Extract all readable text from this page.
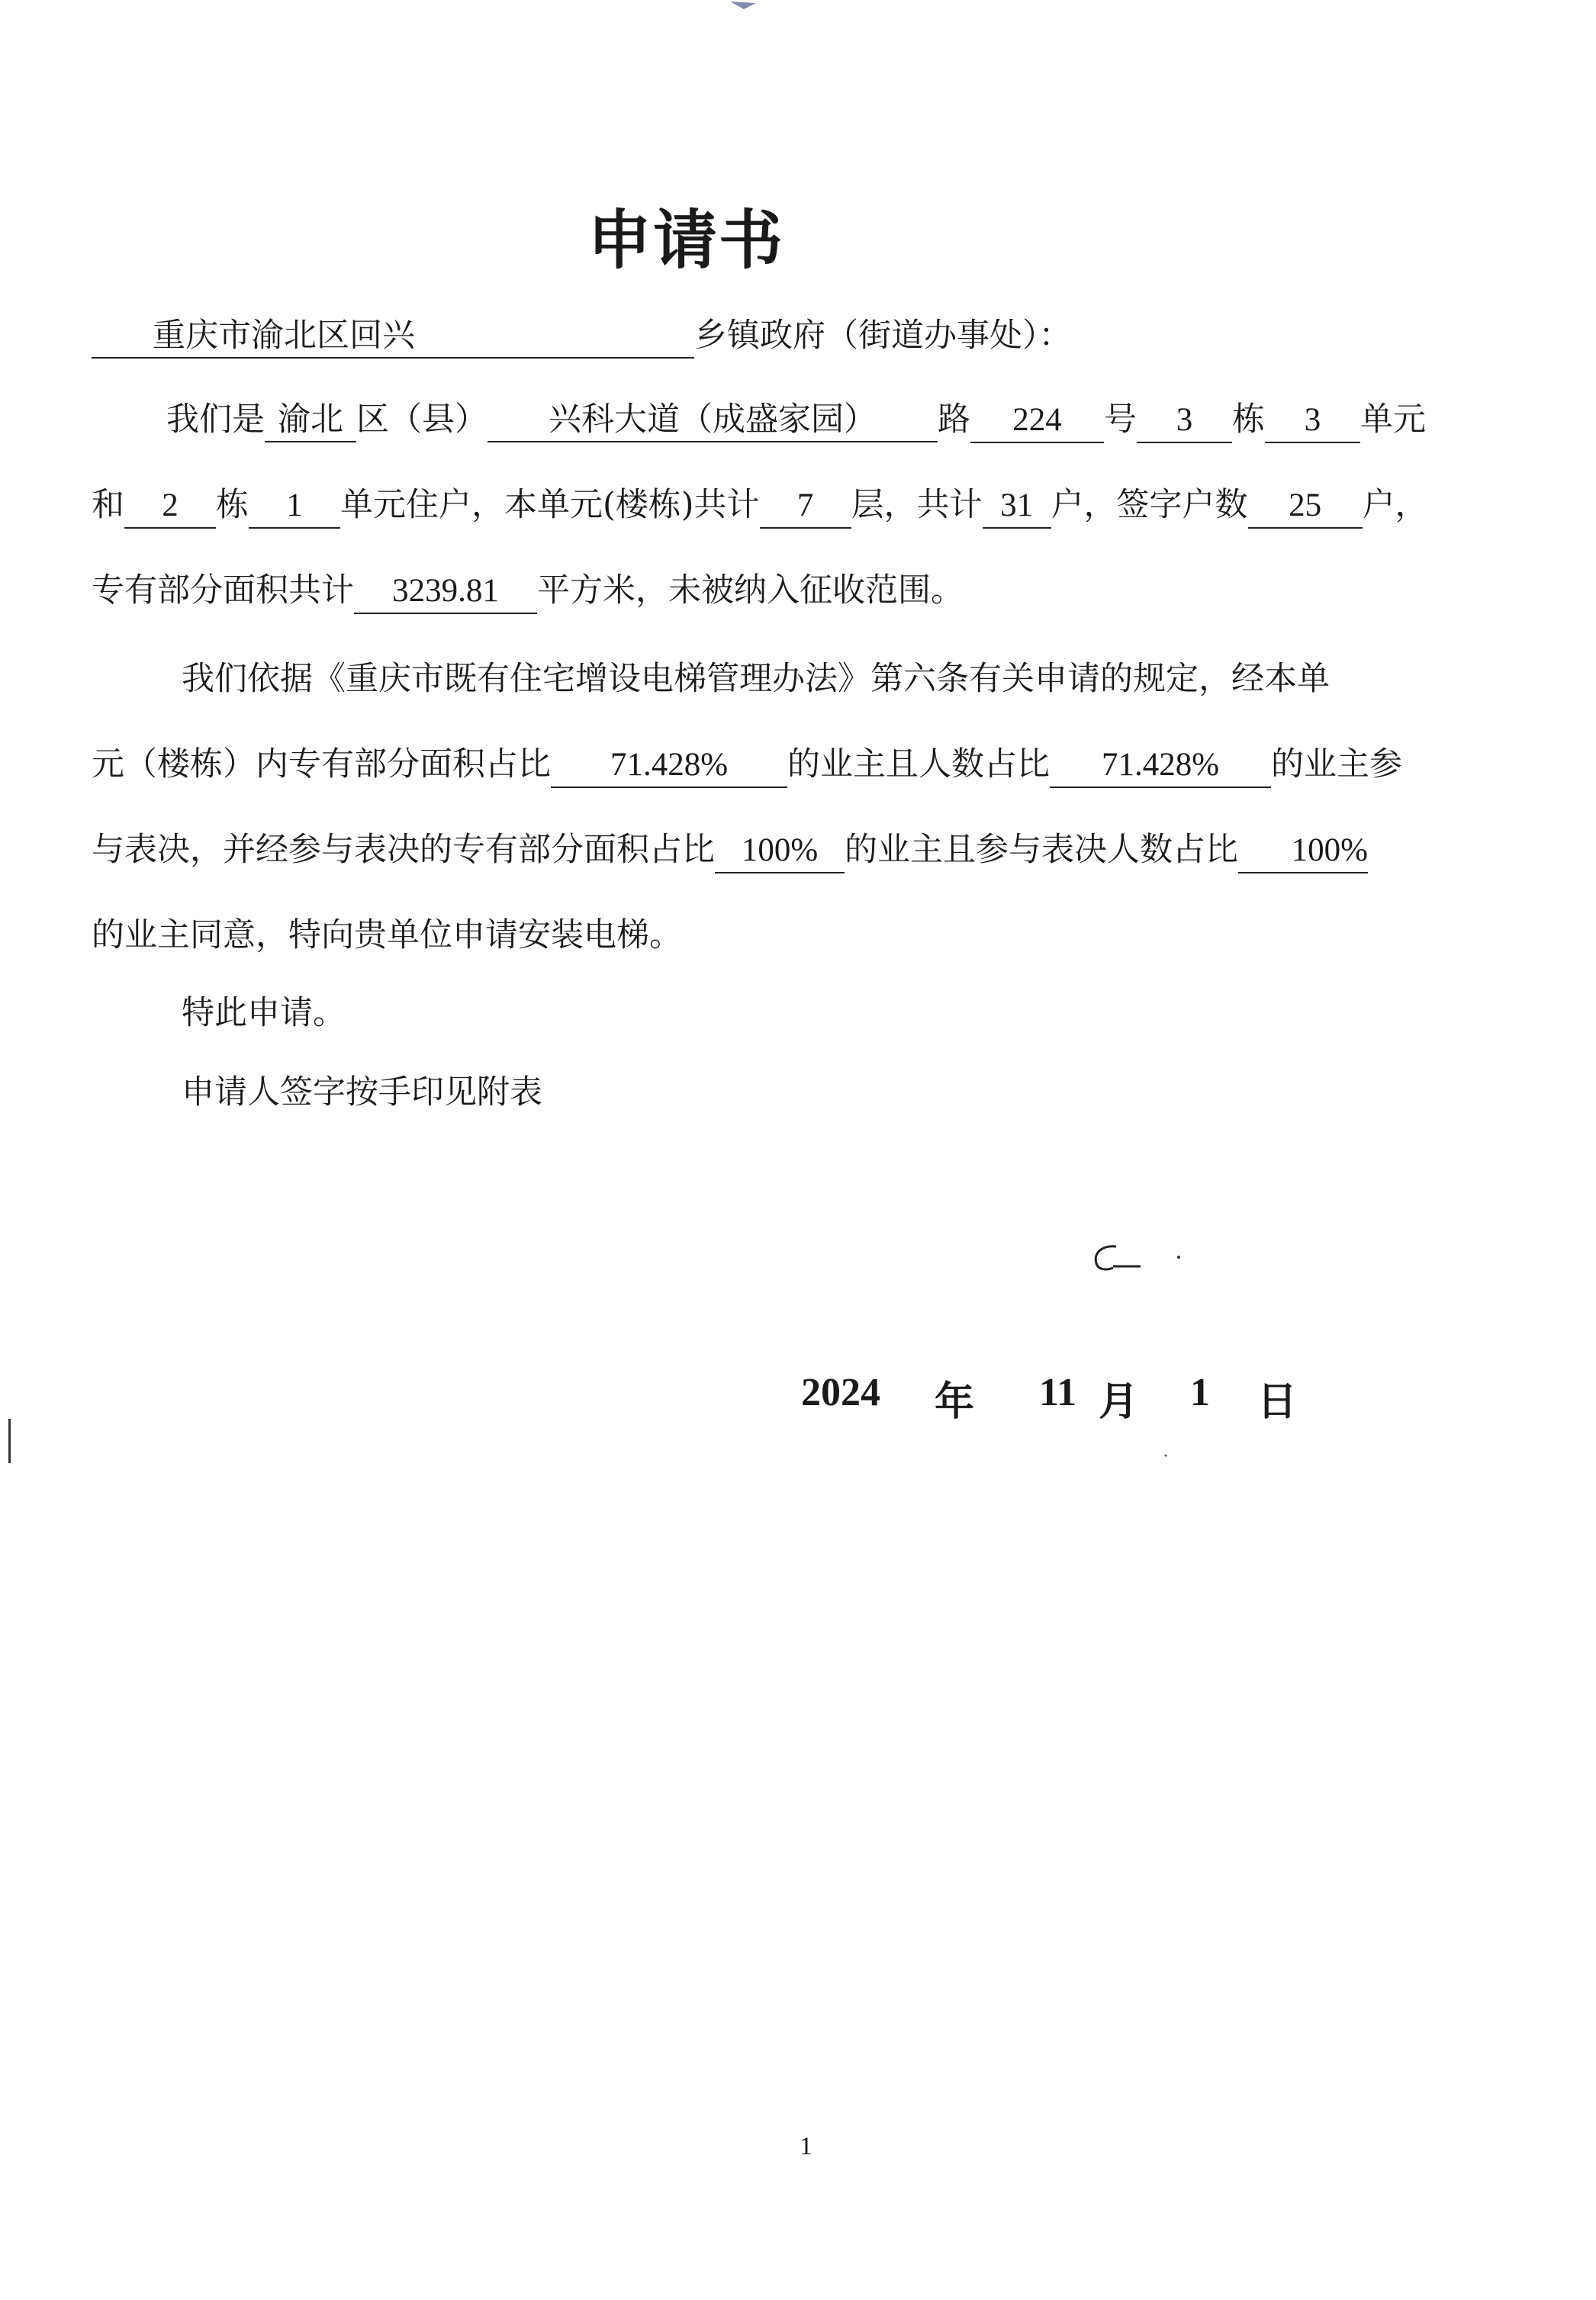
申请书
重庆市渝北区回兴	乡镇政府（街道办事处）：
我们是 渝北 区（县） 兴科大道（成盛家园） 路 224 号 3 栋 3 单元
和 2 栋 1 单元住户，本单元(楼栋)共计 7 层，共计 31 户，签字户数 25 户，
专有部分面积共计 3239.81 平方米，未被纳入征收范围。
我们依据《重庆市既有住宅增设电梯管理办法》第六条有关申请的规定，经本单
元（楼栋）内专有部分面积占比 71.428% 的业主且人数占比 71.428% 的业主参
与表决，并经参与表决的专有部分面积占比 100% 的业主且参与表决人数占比 100%
的业主同意，特向贵单位申请安装电梯。
特此申请。
申请人签字按手印见附表
2024 年 11 月 1 日
1
